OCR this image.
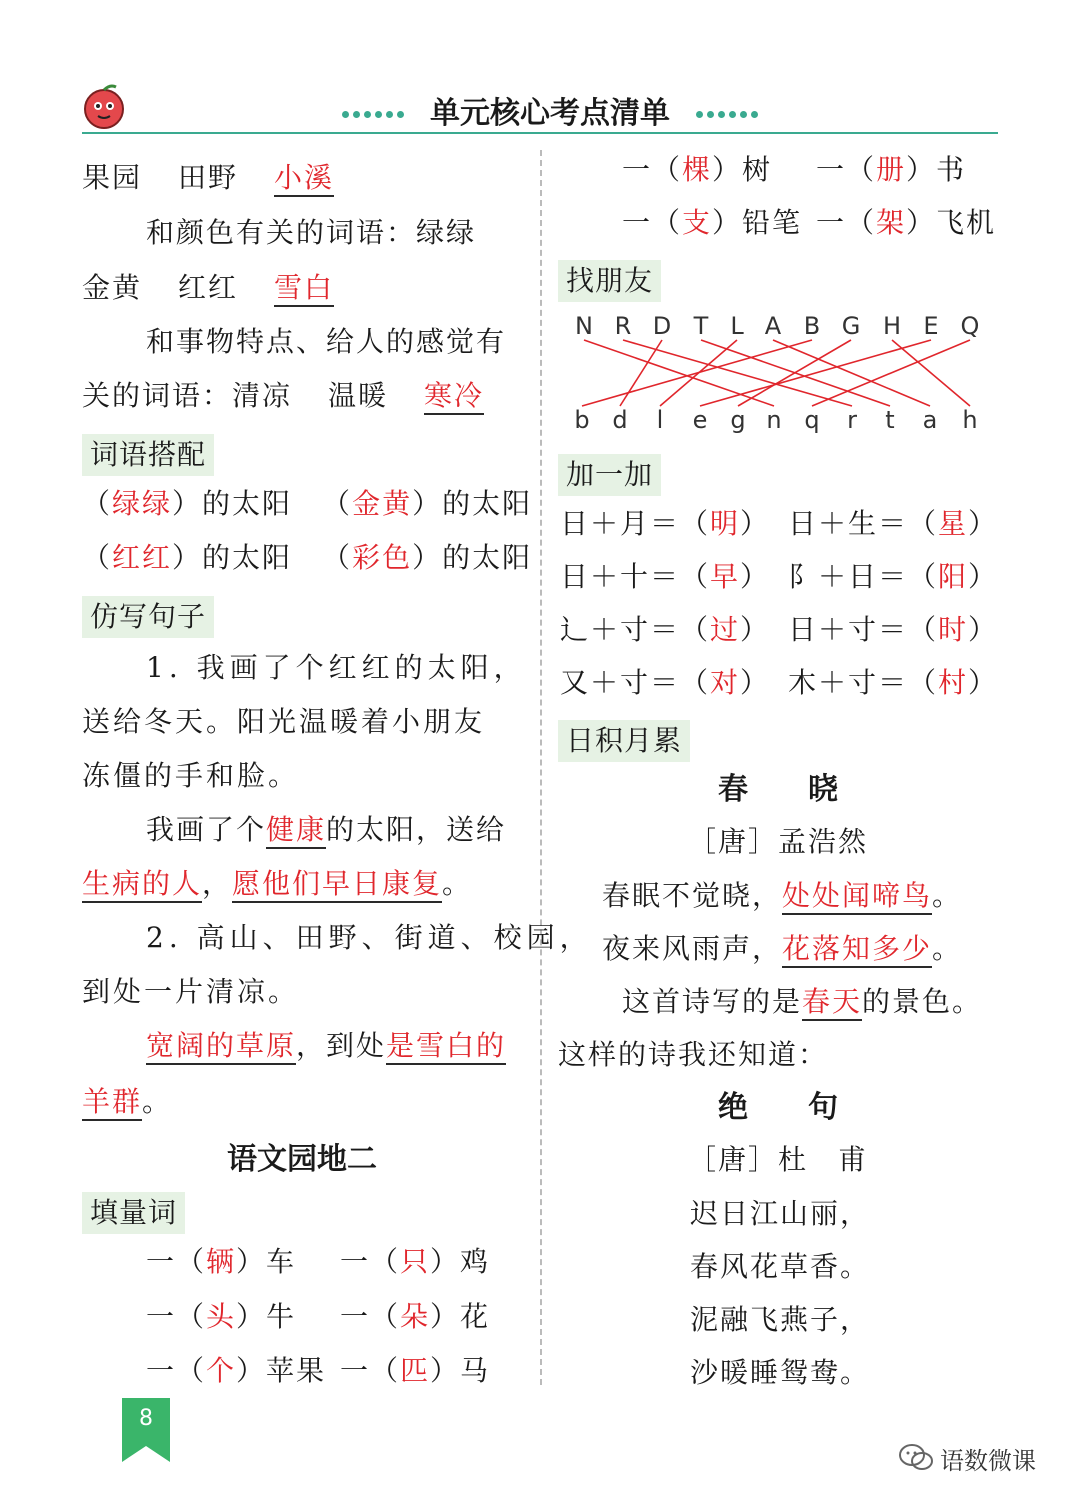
单元核心考点清单
果园 田野 小溪
和颜色有关的词语：绿绿
金黄 红红 雪白
和事物特点、给人的感觉有
关的词语：清凉 温暖 寒冷
词语搭配
（绿绿）的太阳 （金黄）的太阳
（红红）的太阳 （彩色）的太阳
仿写句子
1. 我画了个红红的太阳，
送给冬天。阳光温暖着小朋友
冻僵的手和脸。
我画了个健康的太阳，送给
生病的人，愿他们早日康复。
2. 高山、田野、街道、校园，
到处一片清凉。
宽阔的草原，到处是雪白的
羊群。
语文园地二
填量词
一（辆）车 一（只）鸡
一（头）牛 一（朵）花
一（个）苹果 一（匹）马
一（棵）树 一（册）书
一（支）铅笔 一（架）飞机
找朋友
N R D T L A B G H E Q
b d l e g n q r t a h
加一加
日＋月＝（明） 日＋生＝（星）
日＋十＝（早） 阝＋日＝（阳）
辶＋寸＝（过） 日＋寸＝（时）
又＋寸＝（对） 木＋寸＝（村）
日积月累
春　　晓
［唐］孟浩然
春眠不觉晓，处处闻啼鸟。
夜来风雨声，花落知多少。
这首诗写的是春天的景色。
这样的诗我还知道：
绝　　句
［唐］杜　甫
迟日江山丽，
春风花草香。
泥融飞燕子，
沙暖睡鸳鸯。
8
语数微课
